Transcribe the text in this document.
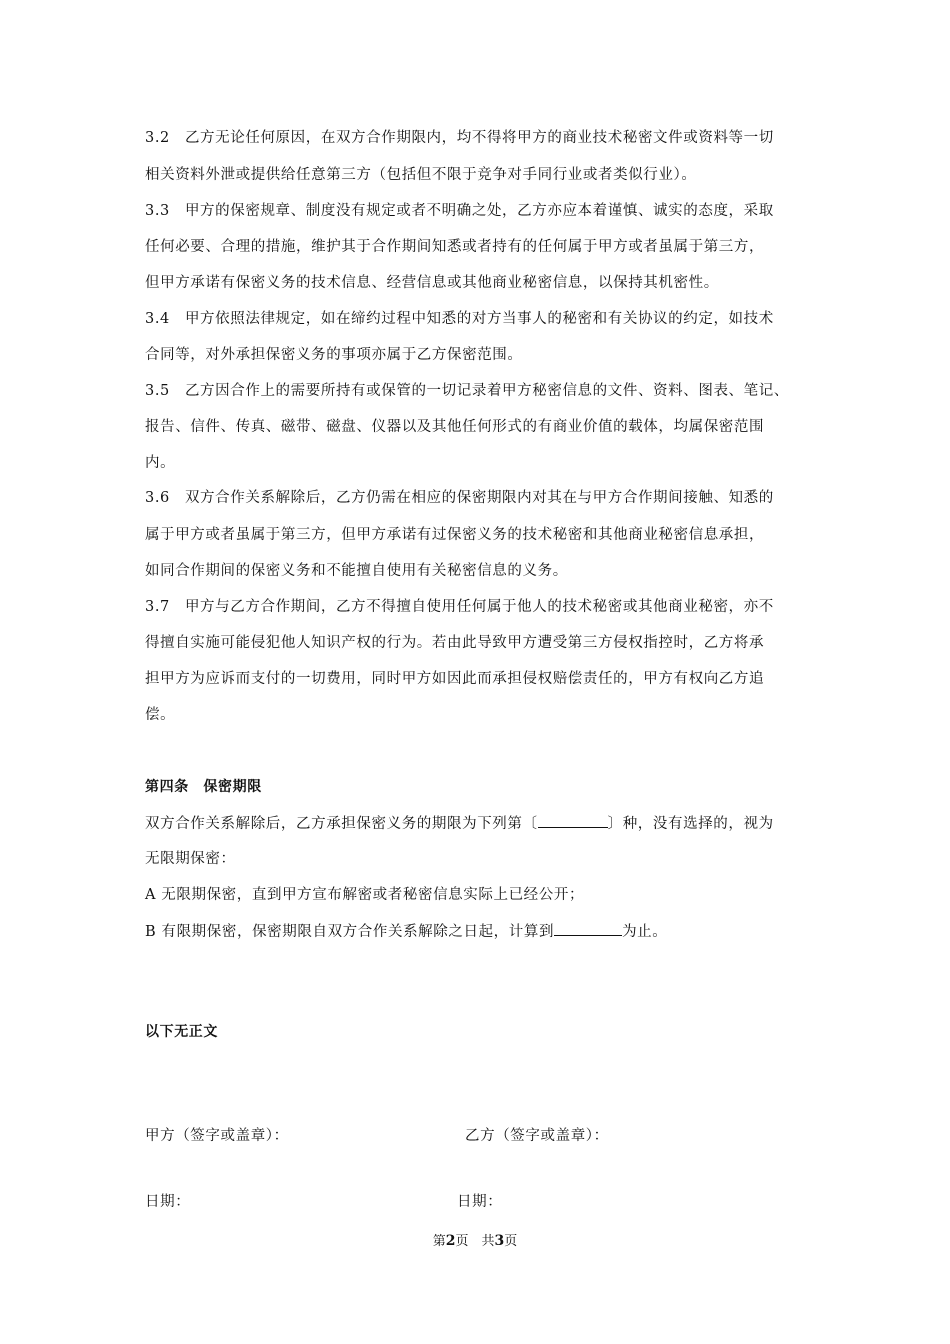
3.2　乙方无论任何原因，在双方合作期限内，均不得将甲方的商业技术秘密文件或资料等一切
相关资料外泄或提供给任意第三方（包括但不限于竞争对手同行业或者类似行业）。
3.3　甲方的保密规章、制度没有规定或者不明确之处，乙方亦应本着谨慎、诚实的态度，采取
任何必要、合理的措施，维护其于合作期间知悉或者持有的任何属于甲方或者虽属于第三方，
但甲方承诺有保密义务的技术信息、经营信息或其他商业秘密信息，以保持其机密性。
3.4　甲方依照法律规定，如在缔约过程中知悉的对方当事人的秘密和有关协议的约定，如技术
合同等，对外承担保密义务的事项亦属于乙方保密范围。
3.5　乙方因合作上的需要所持有或保管的一切记录着甲方秘密信息的文件、资料、图表、笔记、
报告、信件、传真、磁带、磁盘、仪器以及其他任何形式的有商业价值的载体，均属保密范围
内。
3.6　双方合作关系解除后，乙方仍需在相应的保密期限内对其在与甲方合作期间接触、知悉的
属于甲方或者虽属于第三方，但甲方承诺有过保密义务的技术秘密和其他商业秘密信息承担，
如同合作期间的保密义务和不能擅自使用有关秘密信息的义务。
3.7　甲方与乙方合作期间，乙方不得擅自使用任何属于他人的技术秘密或其他商业秘密，亦不
得擅自实施可能侵犯他人知识产权的行为。若由此导致甲方遭受第三方侵权指控时，乙方将承
担甲方为应诉而支付的一切费用，同时甲方如因此而承担侵权赔偿责任的，甲方有权向乙方追
偿。
第四条　保密期限
双方合作关系解除后，乙方承担保密义务的期限为下列第〔	〕种，没有选择的，视为
无限期保密：
A 无限期保密，直到甲方宣布解密或者秘密信息实际上已经公开；
B 有限期保密，保密期限自双方合作关系解除之日起，计算到	为止。
以下无正文
甲方（签字或盖章）：	乙方（签字或盖章）：
日期：	日期：
第2页　共3页
